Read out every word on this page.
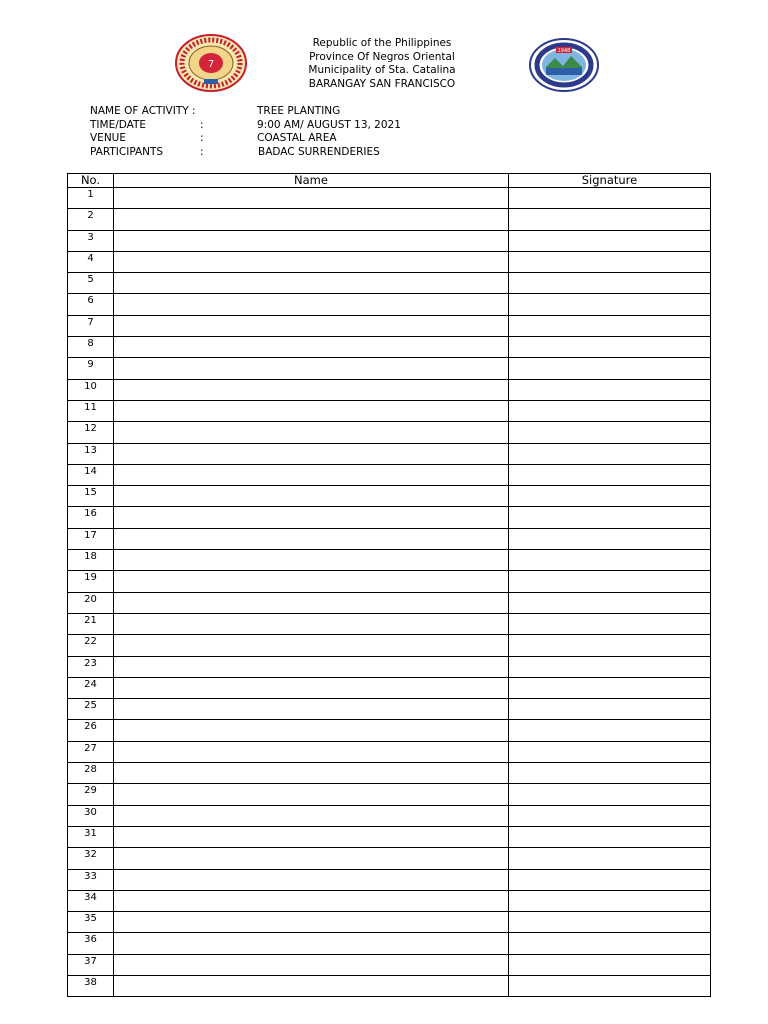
7
Republic of the Philippines
Province Of Negros Oriental
Municipality of Sta. Catalina
BARANGAY SAN FRANCISCO
1948
NAME OF ACTIVITY :	TREE PLANTING
TIME/DATE	:	9:00 AM/ AUGUST 13, 2021
VENUE	:	COASTAL AREA
PARTICIPANTS	:	BADAC SURRENDERIES
No.	Name	Signature
1		
2		
3		
4		
5		
6		
7		
8		
9		
10		
11		
12		
13		
14		
15		
16		
17		
18		
19		
20		
21		
22		
23		
24		
25		
26		
27		
28		
29		
30		
31		
32		
33		
34		
35		
36		
37		
38		
